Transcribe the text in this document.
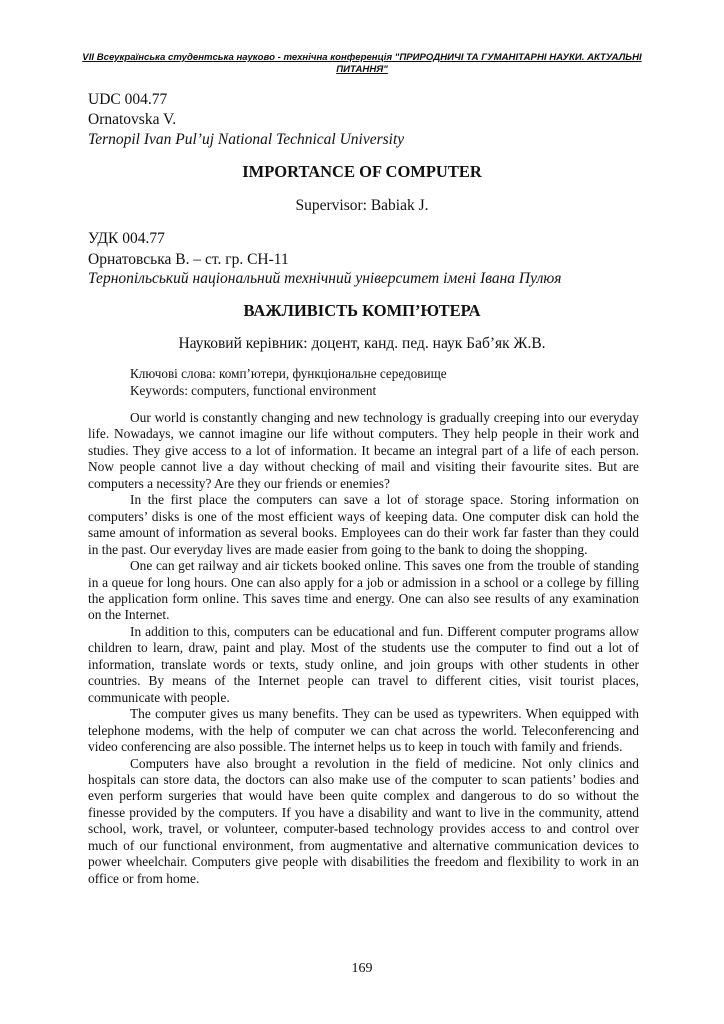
VII Всеукраїнська студентська науково - технічна конференція "ПРИРОДНИЧІ ТА ГУМАНІТАРНІ НАУКИ. АКТУАЛЬНІ ПИТАННЯ"
UDC 004.77
Ornatovska V.
Ternopil Ivan Pul’uj National Technical University
IMPORTANCE OF COMPUTER
Supervisor: Babiak J.
УДК 004.77
Орнатовська В. – ст. гр. СН-11
Тернопільський національний технічний університет імені Івана Пулюя
ВАЖЛИВІСТЬ КОМП’ЮТЕРА
Науковий керівник: доцент, канд. пед. наук Баб’як Ж.В.
Ключові слова: комп’ютери, функціональне середовище
Keywords: computers, functional environment

Our world is constantly changing and new technology is gradually creeping into our everyday life. Nowadays, we cannot imagine our life without computers. They help people in their work and studies. They give access to a lot of information. It became an integral part of a life of each person. Now people cannot live a day without checking of mail and visiting their favourite sites. But are computers a necessity? Are they our friends or enemies?

In the first place the computers can save a lot of storage space. Storing information on computers’ disks is one of the most efficient ways of keeping data. One computer disk can hold the same amount of information as several books. Employees can do their work far faster than they could in the past. Our everyday lives are made easier from going to the bank to doing the shopping.

One can get railway and air tickets booked online. This saves one from the trouble of standing in a queue for long hours. One can also apply for a job or admission in a school or a college by filling the application form online. This saves time and energy. One can also see results of any examination on the Internet.

In addition to this, computers can be educational and fun. Different computer programs allow children to learn, draw, paint and play. Most of the students use the computer to find out a lot of information, translate words or texts, study online, and join groups with other students in other countries. By means of the Internet people can travel to different cities, visit tourist places, communicate with people.

The computer gives us many benefits. They can be used as typewriters. When equipped with telephone modems, with the help of computer we can chat across the world. Teleconferencing and video conferencing are also possible. The internet helps us to keep in touch with family and friends.

Computers have also brought a revolution in the field of medicine. Not only clinics and hospitals can store data, the doctors can also make use of the computer to scan patients’ bodies and even perform surgeries that would have been quite complex and dangerous to do so without the finesse provided by the computers. If you have a disability and want to live in the community, attend school, work, travel, or volunteer, computer-based technology provides access to and control over much of our functional environment, from augmentative and alternative communication devices to power wheelchair. Computers give people with disabilities the freedom and flexibility to work in an office or from home.

169
